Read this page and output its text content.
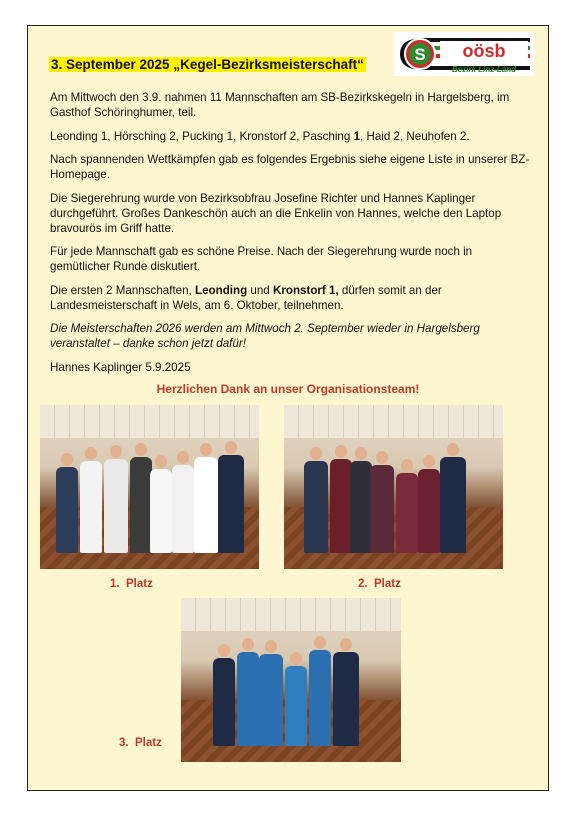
3. September 2025 „Kegel-Bezirksmeisterschaft“
S oösb
Bezirk Linz-Land

Am Mittwoch den 3.9. nahmen 11 Mannschaften am SB-Bezirkskegeln in Hargelsberg, im Gasthof Schöringhumer, teil.

Leonding 1, Hörsching 2, Pucking 1, Kronstorf 2, Pasching 1, Haid 2, Neuhofen 2.

Nach spannenden Wettkämpfen gab es folgendes Ergebnis siehe eigene Liste in unserer BZ-Homepage.

Die Siegerehrung wurde von Bezirksobfrau Josefine Richter und Hannes Kaplinger durchgeführt. Großes Dankeschön auch an die Enkelin von Hannes, welche den Laptop bravourös im Griff hatte.

Für jede Mannschaft gab es schöne Preise. Nach der Siegerehrung wurde noch in gemütlicher Runde diskutiert.

Die ersten 2 Mannschaften, Leonding und Kronstorf 1, dürfen somit an der Landesmeisterschaft in Wels, am 6. Oktober, teilnehmen.

Die Meisterschaften 2026 werden am Mittwoch 2. September wieder in Hargelsberg veranstaltet – danke schon jetzt dafür!

Hannes Kaplinger 5.9.2025

Herzlichen Dank an unser Organisationsteam!
1. Platz	2. Platz
3. Platz
